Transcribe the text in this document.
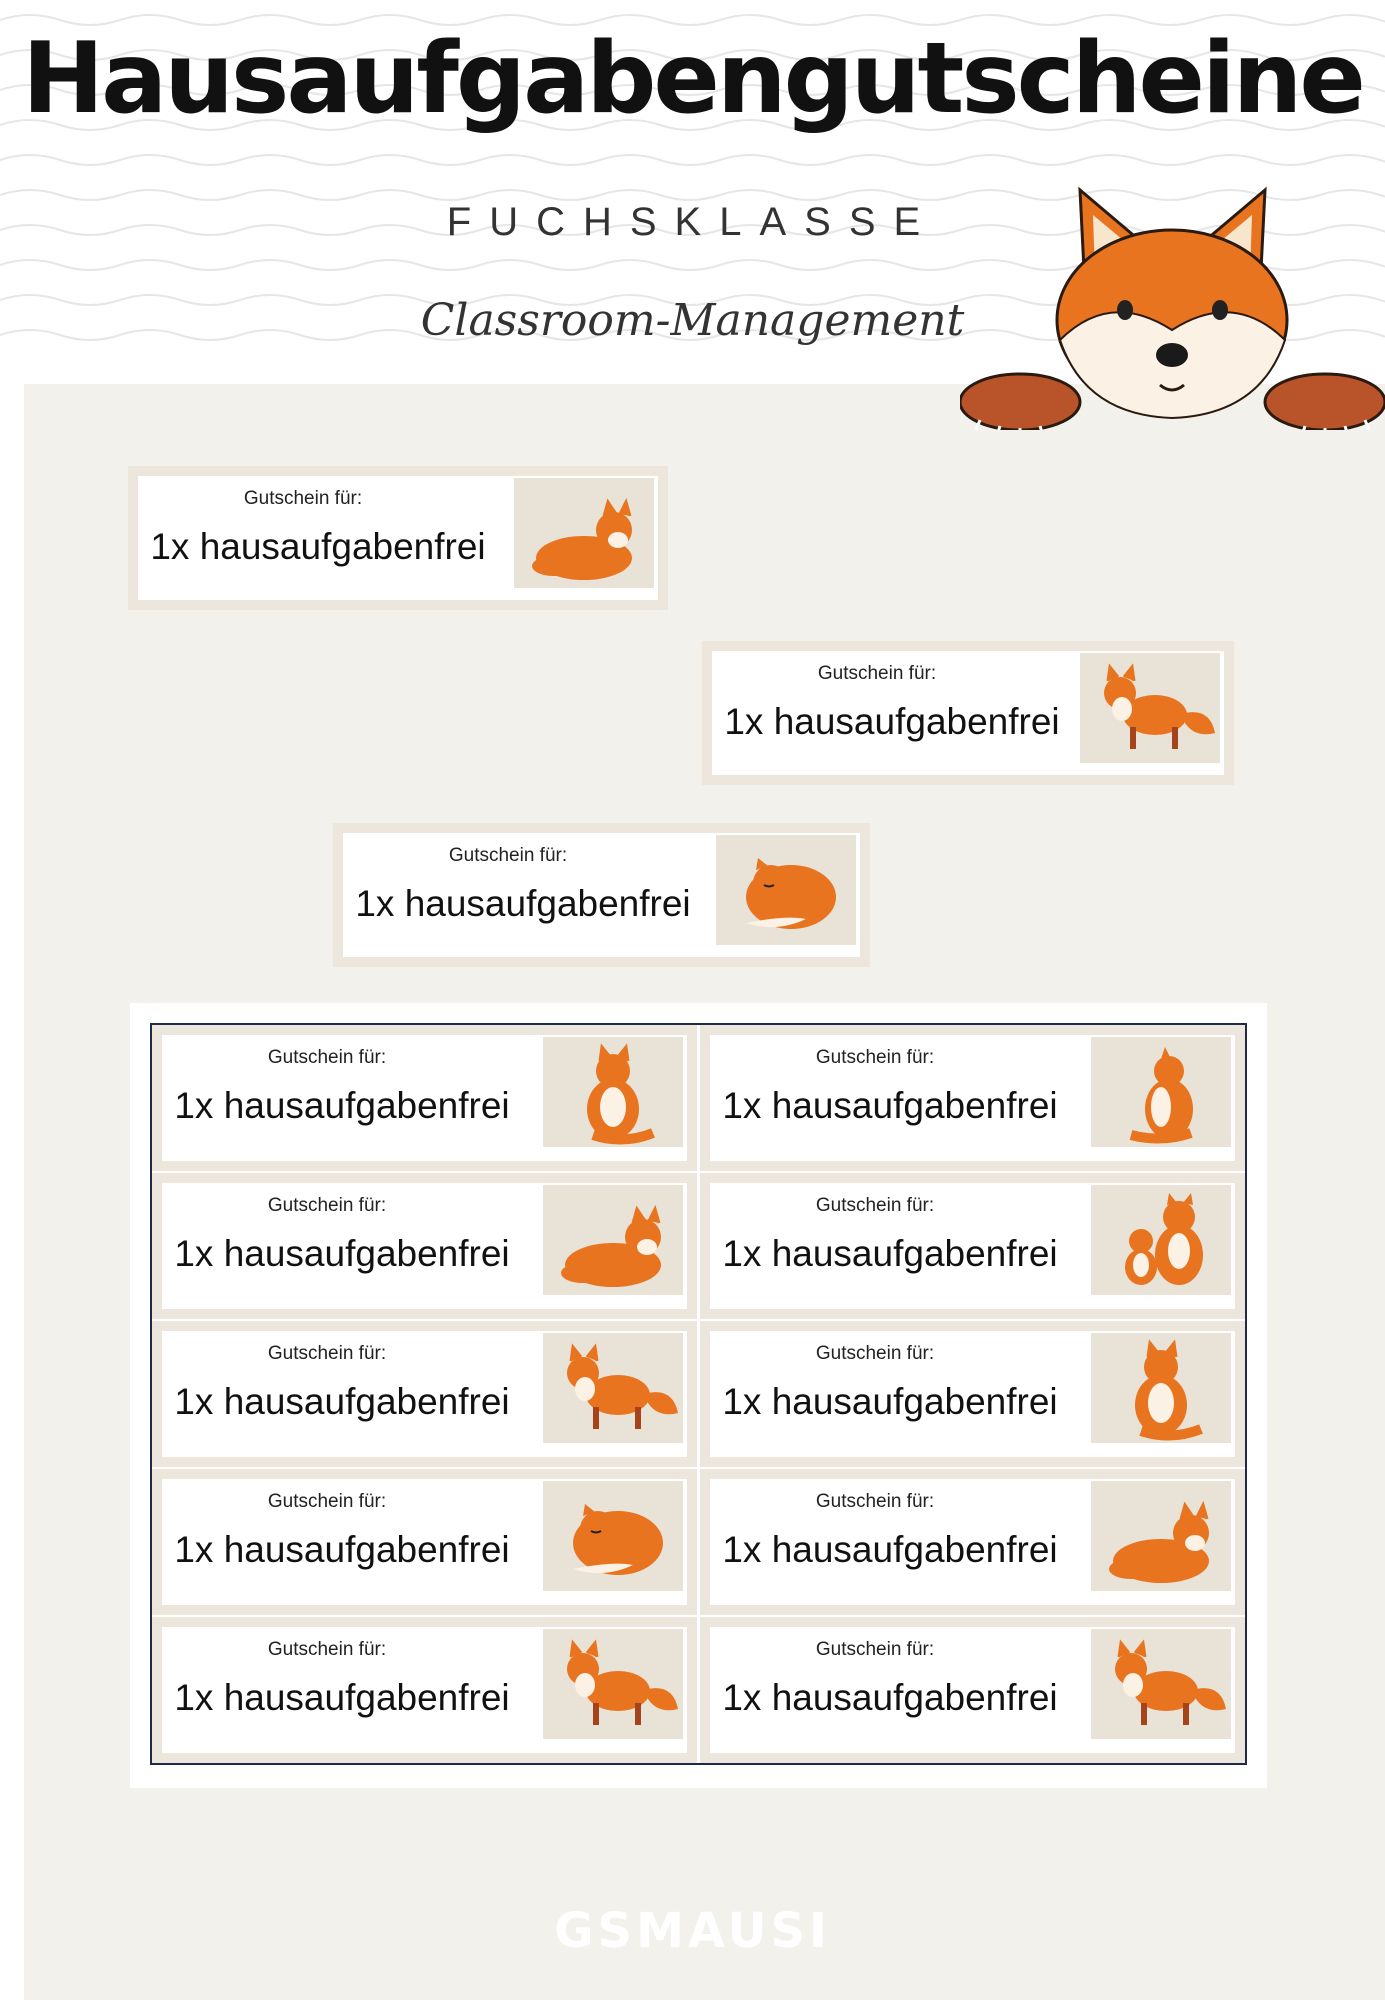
Hausaufgabengutscheine
FUCHSKLASSE
Classroom-Management
Gutschein für:
1x hausaufgabenfrei
Gutschein für:
1x hausaufgabenfrei
Gutschein für:
1x hausaufgabenfrei
Gutschein für:
1x hausaufgabenfrei
Gutschein für:
1x hausaufgabenfrei
Gutschein für:
1x hausaufgabenfrei
Gutschein für:
1x hausaufgabenfrei
Gutschein für:
1x hausaufgabenfrei
Gutschein für:
1x hausaufgabenfrei
Gutschein für:
1x hausaufgabenfrei
Gutschein für:
1x hausaufgabenfrei
Gutschein für:
1x hausaufgabenfrei
Gutschein für:
1x hausaufgabenfrei
GSMAUSI
